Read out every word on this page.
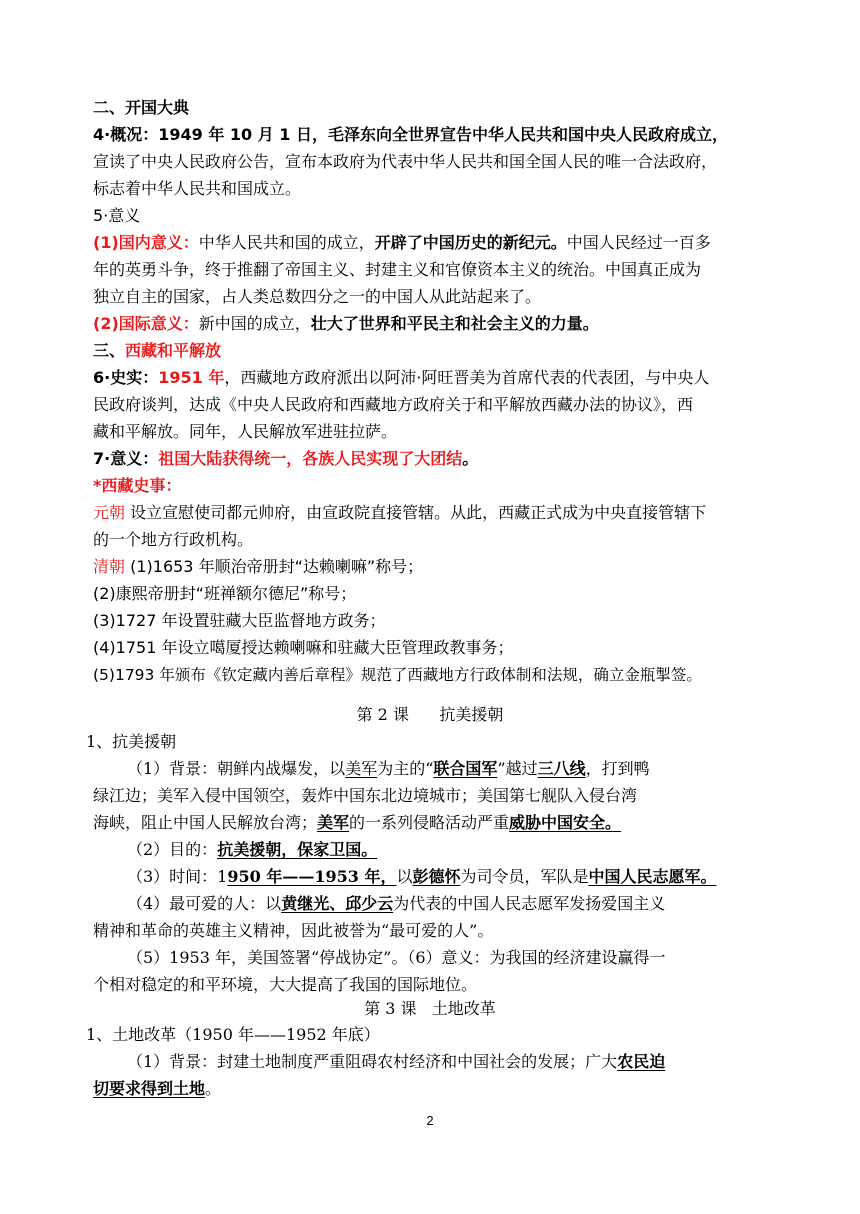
二、开国大典
4·概况：1949 年 10 月 1 日，毛泽东向全世界宣告中华人民共和国中央人民政府成立，
宣读了中央人民政府公告，宣布本政府为代表中华人民共和国全国人民的唯一合法政府，
标志着中华人民共和国成立。
5·意义
(1)国内意义：中华人民共和国的成立，开辟了中国历史的新纪元。中国人民经过一百多
年的英勇斗争，终于推翻了帝国主义、封建主义和官僚资本主义的统治。中国真正成为
独立自主的国家，占人类总数四分之一的中国人从此站起来了。
(2)国际意义：新中国的成立，壮大了世界和平民主和社会主义的力量。
三、西藏和平解放
6·史实：1951 年，西藏地方政府派出以阿沛·阿旺晋美为首席代表的代表团，与中央人
民政府谈判，达成《中央人民政府和西藏地方政府关于和平解放西藏办法的协议》，西
藏和平解放。同年，人民解放军进驻拉萨。
7·意义：祖国大陆获得统一，各族人民实现了大团结。
*西藏史事：
元朝 设立宣慰使司都元帅府，由宣政院直接管辖。从此，西藏正式成为中央直接管辖下
的一个地方行政机构。
清朝 (1)1653 年顺治帝册封“达赖喇嘛”称号；
(2)康熙帝册封“班禅额尔德尼”称号；
(3)1727 年设置驻藏大臣监督地方政务；
(4)1751 年设立噶厦授达赖喇嘛和驻藏大臣管理政教事务；
(5)1793 年颁布《钦定藏内善后章程》规范了西藏地方行政体制和法规，确立金瓶掣签。
第 2 课      抗美援朝
1、抗美援朝
（1）背景：朝鲜内战爆发，以美军为主的“联合国军”越过三八线，打到鸭
绿江边；美军入侵中国领空，轰炸中国东北边境城市；美国第七舰队入侵台湾
海峡，阻止中国人民解放台湾；美军的一系列侵略活动严重威胁中国安全。
（2）目的：抗美援朝，保家卫国。
（3）时间：1950 年——1953 年，以彭德怀为司令员，军队是中国人民志愿军。
（4）最可爱的人：以黄继光、邱少云为代表的中国人民志愿军发扬爱国主义
精神和革命的英雄主义精神，因此被誉为“最可爱的人”。
（5）1953 年，美国签署“停战协定”。（6）意义：为我国的经济建设赢得一
个相对稳定的和平环境，大大提高了我国的国际地位。
第 3 课   土地改革
1、土地改革（1950 年——1952 年底）
（1）背景：封建土地制度严重阻碍农村经济和中国社会的发展；广大农民迫
切要求得到土地。
2
